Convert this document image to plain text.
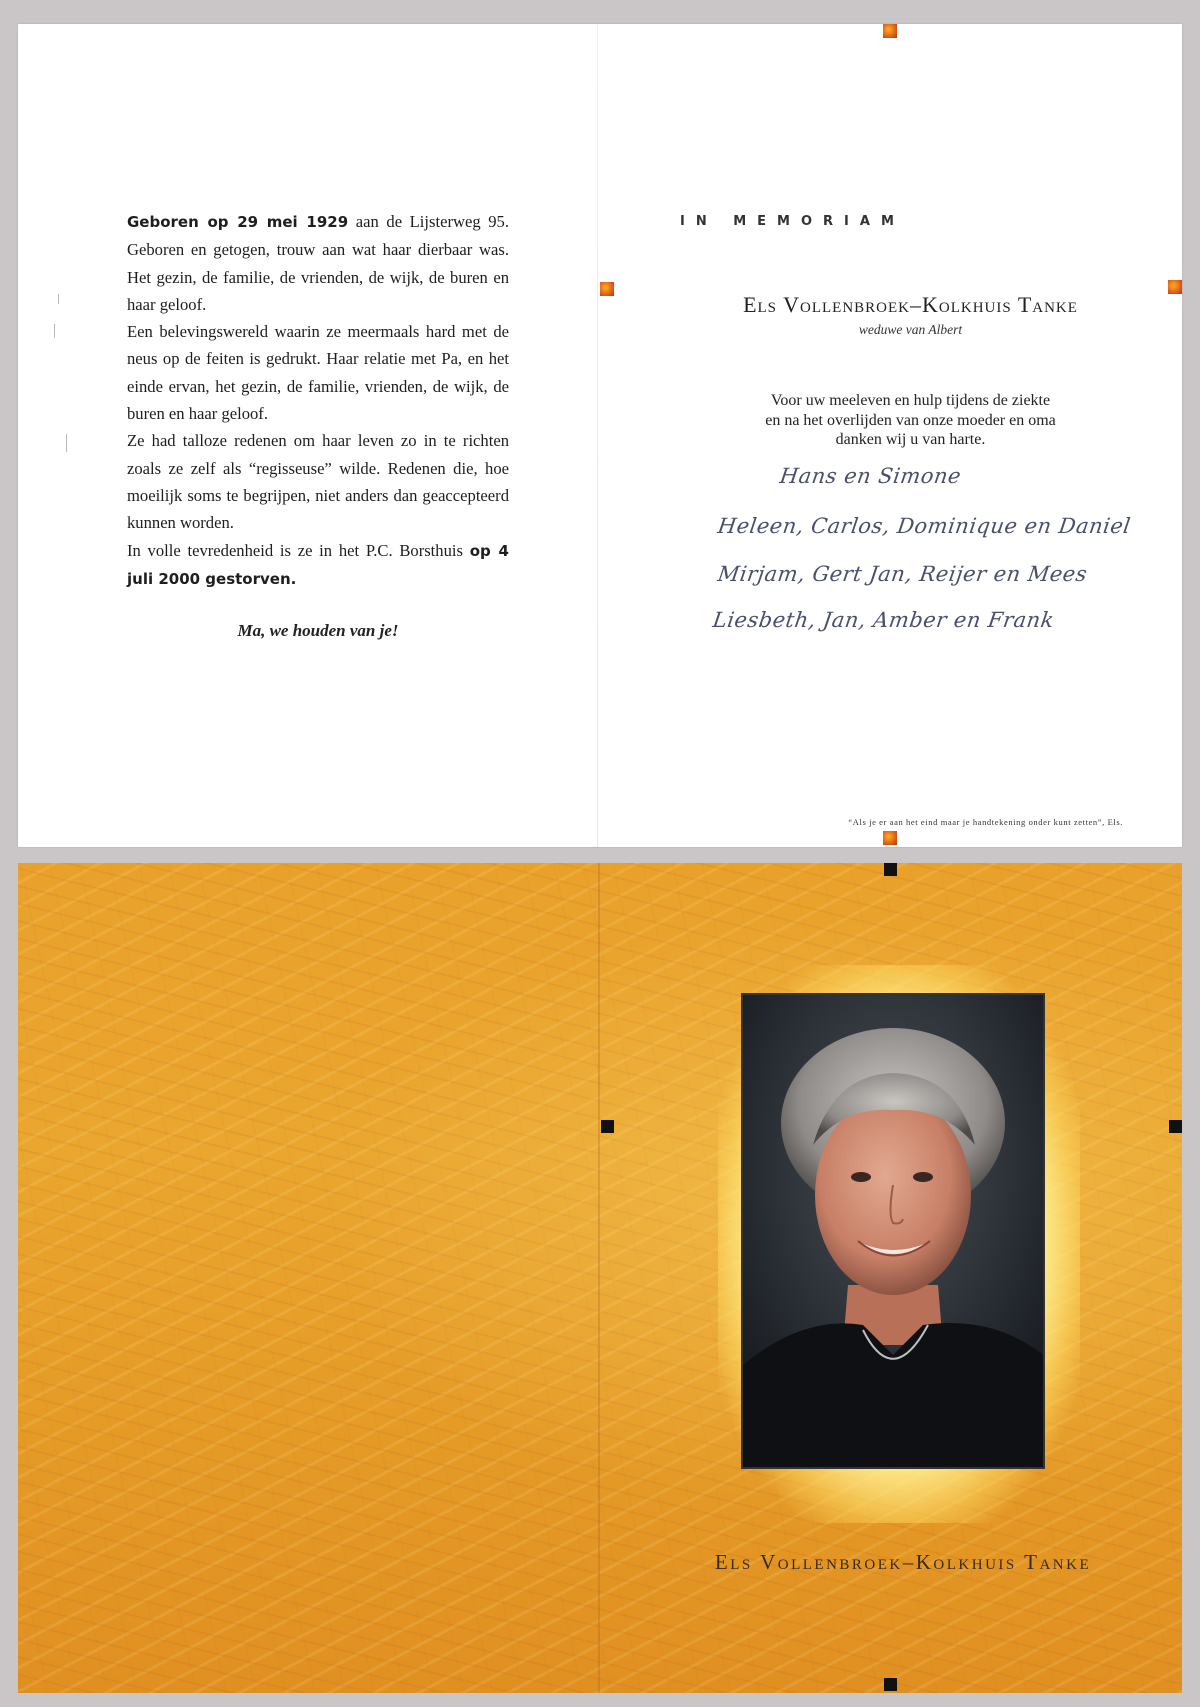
Geboren op 29 mei 1929 aan de Lijsterweg 95. Geboren en getogen, trouw aan wat haar dierbaar was. Het gezin, de familie, de vrienden, de wijk, de buren en haar geloof.

Een belevingswereld waarin ze meermaals hard met de neus op de feiten is gedrukt. Haar relatie met Pa, en het einde ervan, het gezin, de familie, vrienden, de wijk, de buren en haar geloof.

Ze had talloze redenen om haar leven zo in te richten zoals ze zelf als “regisseuse” wilde. Redenen die, hoe moeilijk soms te begrijpen, niet anders dan geaccepteerd kunnen worden.

In volle tevredenheid is ze in het P.C. Borsthuis op 4 juli 2000 gestorven.

Ma, we houden van je!
IN MEMORIAM
Els Vollenbroek–Kolkhuis Tanke
weduwe van Albert

Voor uw meeleven en hulp tijdens de ziekte

en na het overlijden van onze moeder en oma

danken wij u van harte.

Hans en Simone
Heleen, Carlos, Dominique en Daniel
Mirjam, Gert Jan, Reijer en Mees
Liesbeth, Jan, Amber en Frank
“Als je er aan het eind maar je handtekening onder kunt zetten”, Els.
Els Vollenbroek–Kolkhuis Tanke
